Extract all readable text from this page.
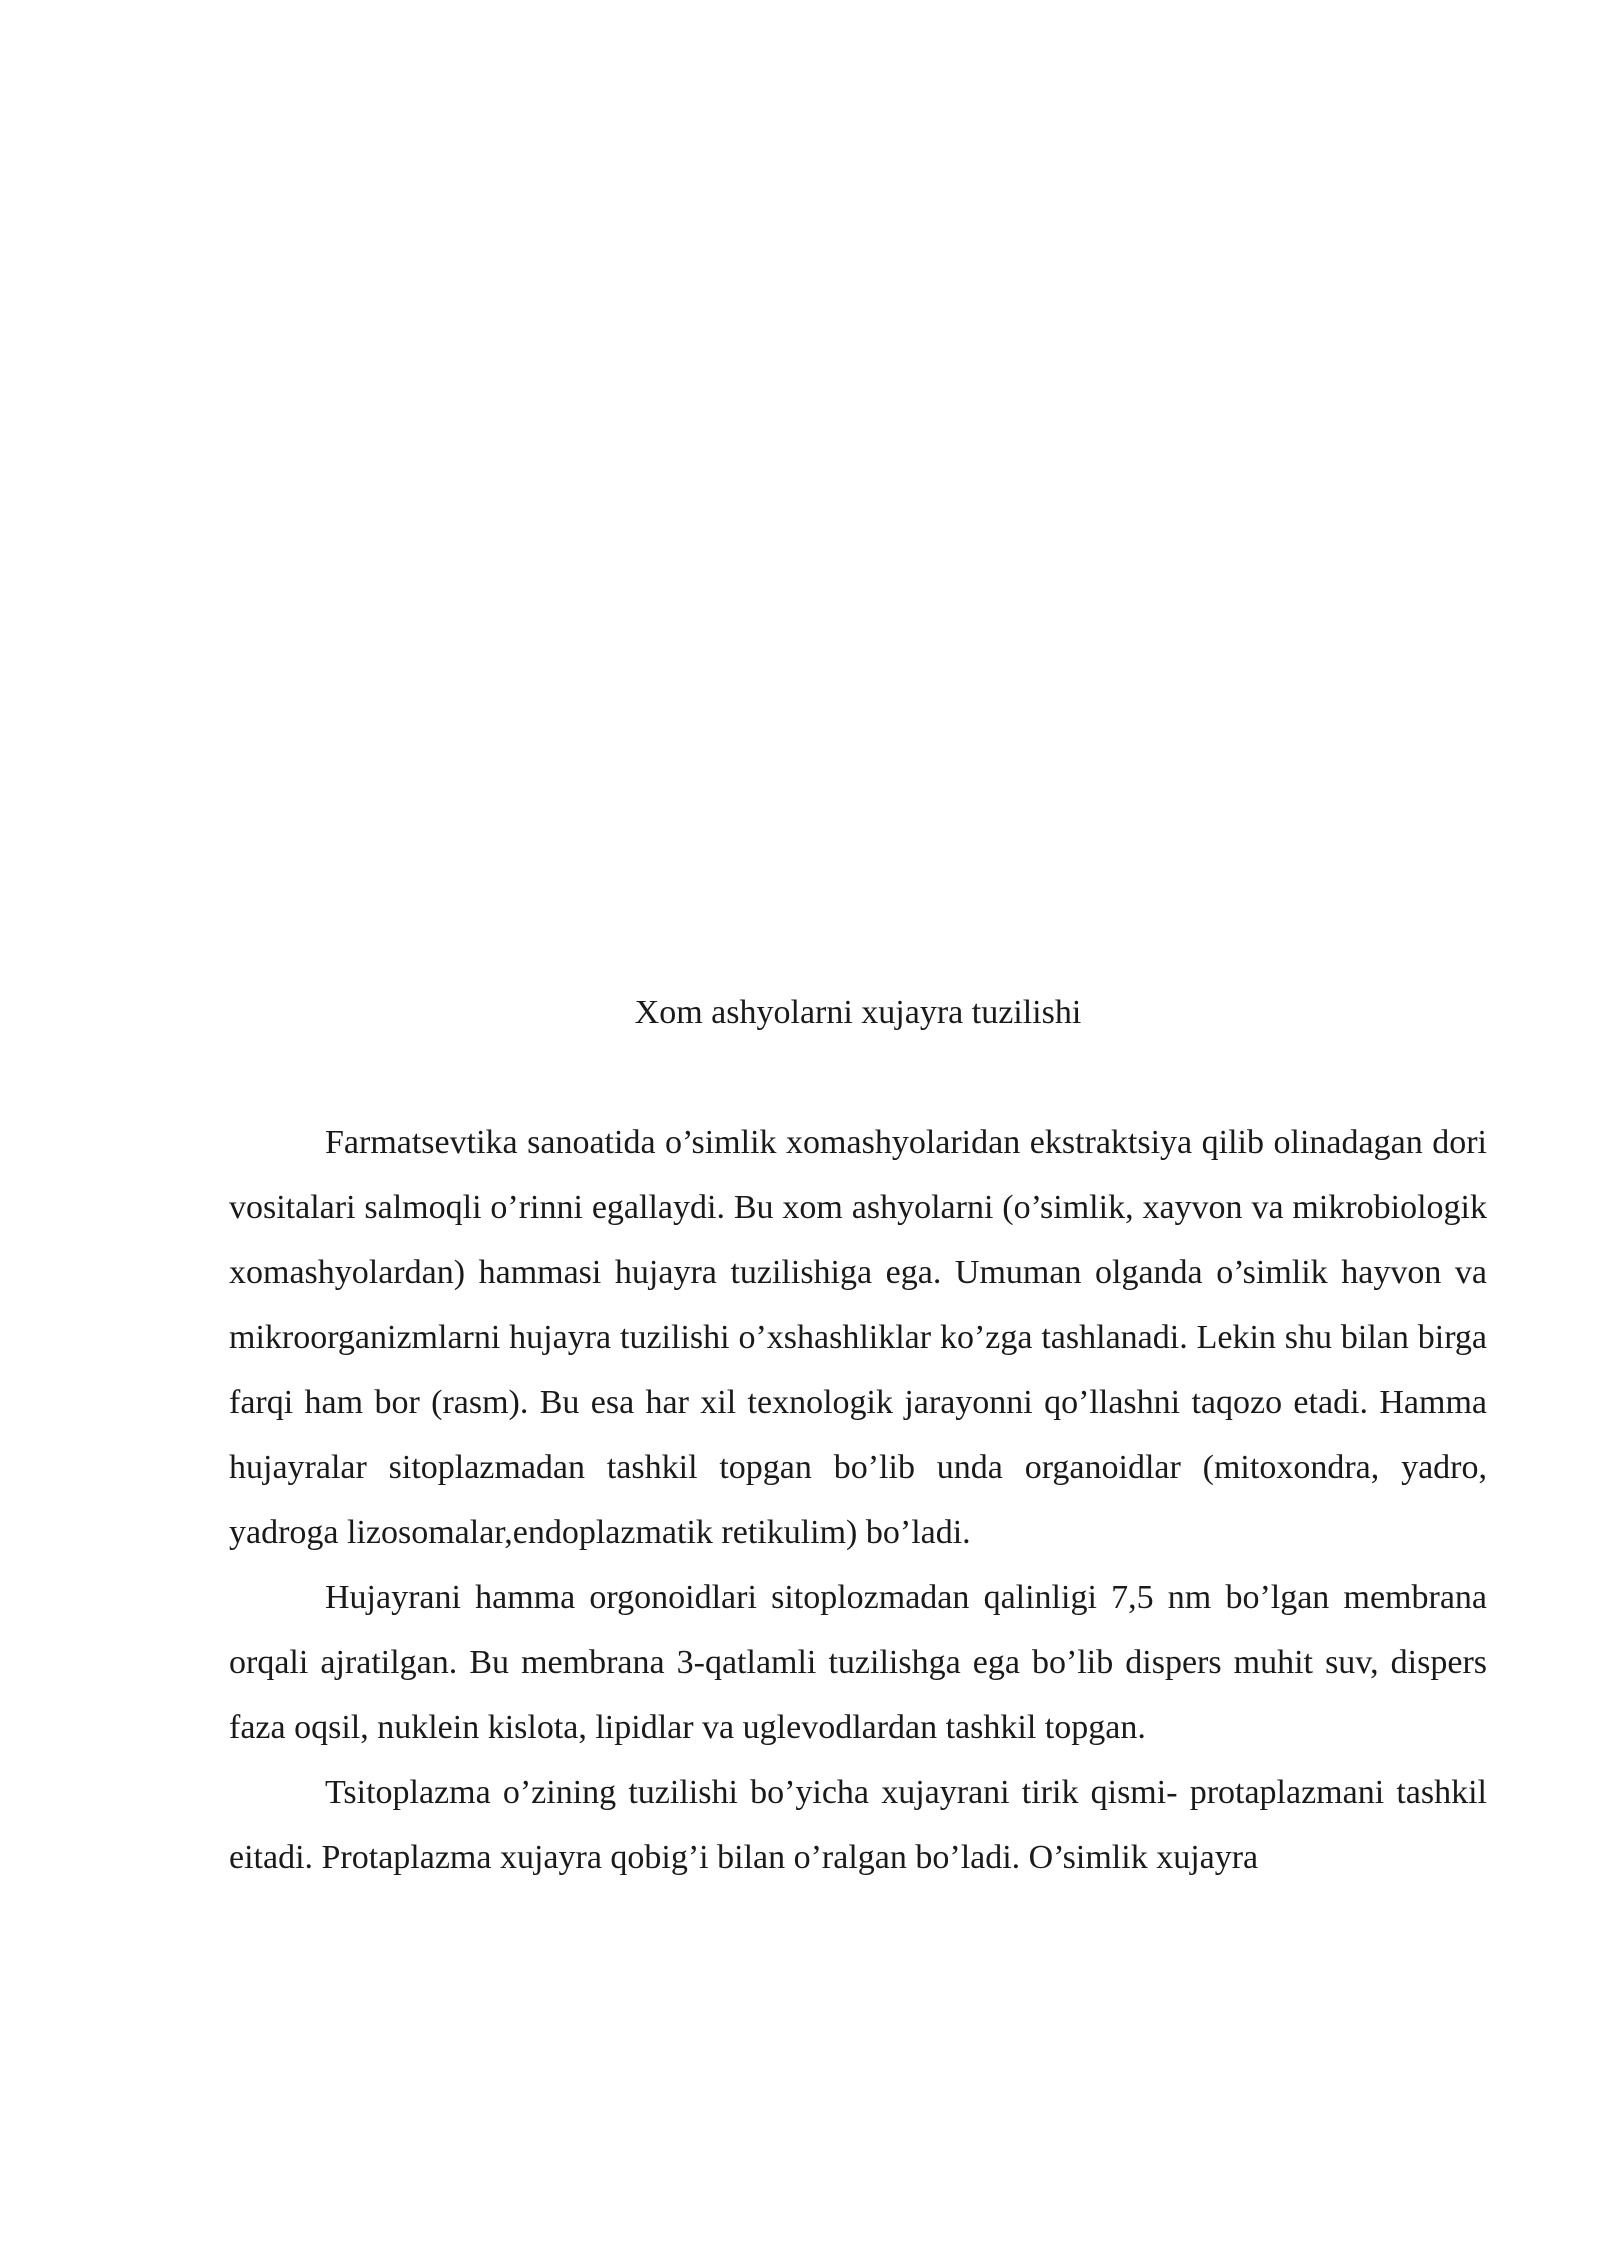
Xom ashyolarni xujayra tuzilishi

Farmatsevtika sanoatida o’simlik xomashyolaridan ekstraktsiya qilib olinadagan dori vositalari salmoqli o’rinni egallaydi. Bu xom ashyolarni (o’simlik, xayvon va mikrobiologik xomashyolardan) hammasi hujayra tuzilishiga ega. Umuman olganda o’simlik hayvon va mikroorganizmlarni hujayra tuzilishi o’xshashliklar ko’zga tashlanadi. Lekin shu bilan birga farqi ham bor (rasm). Bu esa har xil texnologik jarayonni qo’llashni taqozo etadi. Hamma hujayralar sitoplazmadan tashkil topgan bo’lib unda organoidlar (mitoxondra, yadro, yadroga lizosomalar,endoplazmatik retikulim) bo’ladi.

Hujayrani hamma orgonoidlari sitoplozmadan qalinligi 7,5 nm bo’lgan membrana orqali ajratilgan. Bu membrana 3-qatlamli tuzilishga ega bo’lib dispers muhit suv, dispers faza oqsil, nuklein kislota, lipidlar va uglevodlardan tashkil topgan.

Tsitoplazma o’zining tuzilishi bo’yicha xujayrani tirik qismi- protaplazmani tashkil eitadi. Protaplazma xujayra qobig’i bilan o’ralgan bo’ladi. O’simlik xujayra
